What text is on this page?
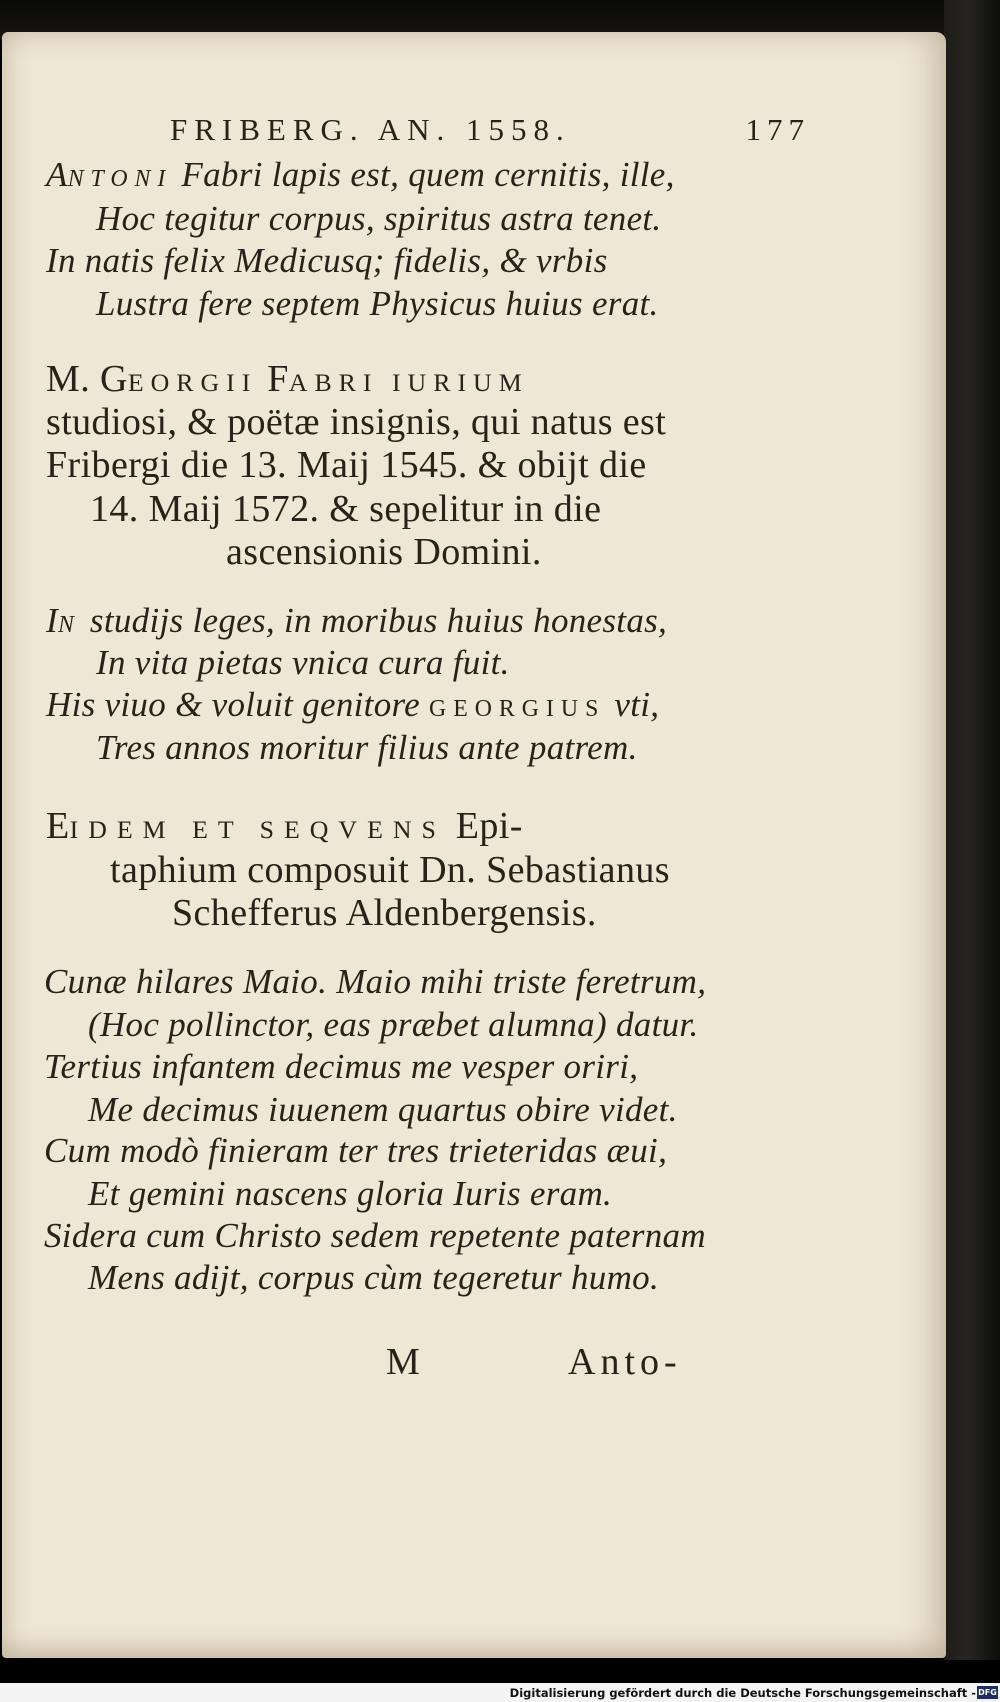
FRIBERG. AN. 1558.	177
ANTONI Fabri lapis est, quem cernitis, ille,
Hoc tegitur corpus, spiritus astra tenet.
In natis felix Medicusq; fidelis, & vrbis
Lustra fere septem Physicus huius erat.
M. GEORGII FABRI IURIUM
studiosi, & poëtæ insignis, qui natus est
Fribergi die 13. Maij 1545. & obijt die
14. Maij 1572. & sepelitur in die
ascensionis Domini.
IN studijs leges, in moribus huius honestas,
In vita pietas vnica cura fuit.
His viuo & voluit genitore GEORGIUS vti,
Tres annos moritur filius ante patrem.
EIDEM ET SEQVENS Epi-
taphium composuit Dn. Sebastianus
Schefferus Aldenbergensis.
Cunæ hilares Maio. Maio mihi triste feretrum,
(Hoc pollinctor, eas præbet alumna) datur.
Tertius infantem decimus me vesper oriri,
Me decimus iuuenem quartus obire videt.
Cum modò finieram ter tres trieteridas æui,
Et gemini nascens gloria Iuris eram.
Sidera cum Christo sedem repetente paternam
Mens adijt, corpus cùm tegeretur humo.
M	Anto-
Digitalisierung gefördert durch die Deutsche Forschungsgemeinschaft - DFG
